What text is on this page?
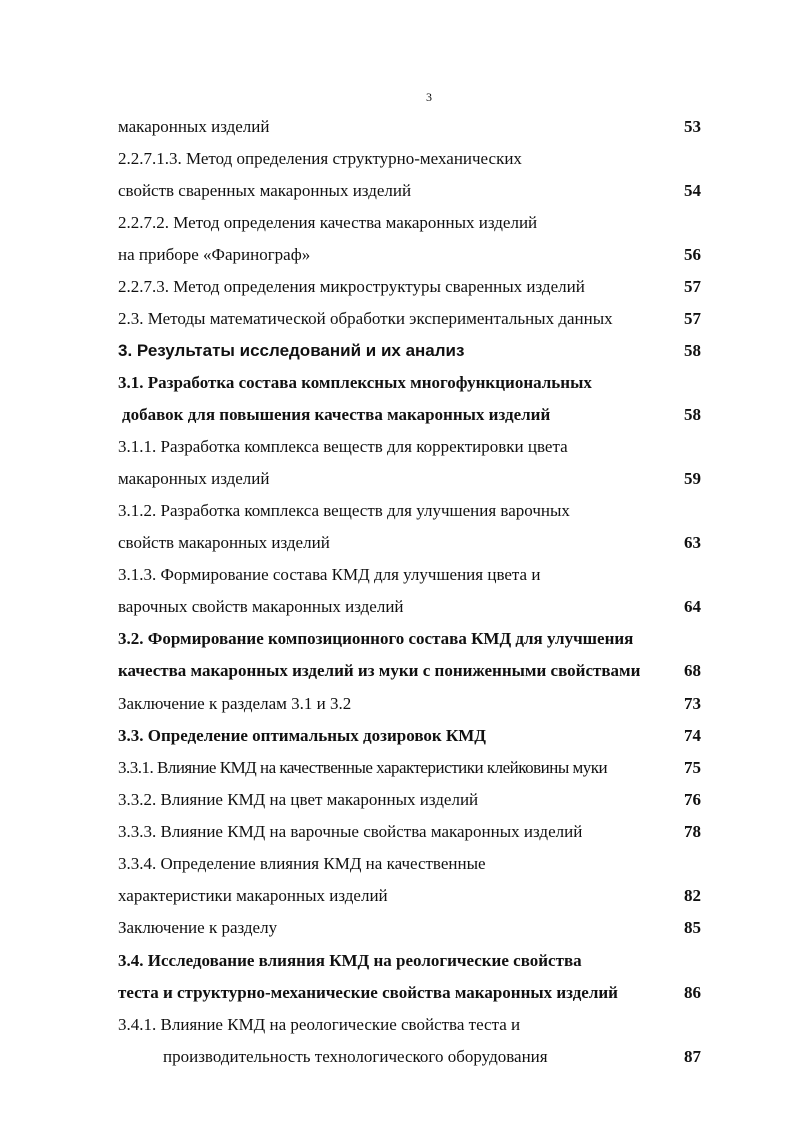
3
макаронных изделий	53
2.2.7.1.3. Метод определения структурно-механических
свойств сваренных макаронных изделий	54
2.2.7.2. Метод определения качества макаронных изделий
на приборе «Фаринограф»	56
2.2.7.3. Метод определения микроструктуры сваренных изделий	57
2.3. Методы математической обработки экспериментальных данных	57
3. Результаты исследований и их анализ	58
3.1. Разработка состава комплексных многофункциональных
добавок для повышения качества макаронных изделий	58
3.1.1. Разработка комплекса веществ для корректировки цвета
макаронных изделий	59
3.1.2. Разработка комплекса веществ для улучшения варочных
свойств макаронных изделий	63
3.1.3. Формирование состава КМД для улучшения цвета и
варочных свойств макаронных изделий	64
3.2. Формирование композиционного состава КМД для улучшения
качества макаронных изделий из муки с пониженными свойствами	68
Заключение к разделам 3.1 и 3.2	73
3.3. Определение оптимальных дозировок КМД	74
3.3.1. Влияние КМД на качественные характеристики клейковины муки	75
3.3.2. Влияние КМД на цвет макаронных изделий	76
3.3.3. Влияние КМД на варочные свойства макаронных изделий	78
3.3.4. Определение влияния КМД на качественные
характеристики макаронных изделий	82
Заключение к разделу	85
3.4. Исследование влияния КМД на реологические свойства
теста и структурно-механические свойства макаронных изделий	86
3.4.1. Влияние КМД на реологические свойства теста и
производительность технологического оборудования	87
